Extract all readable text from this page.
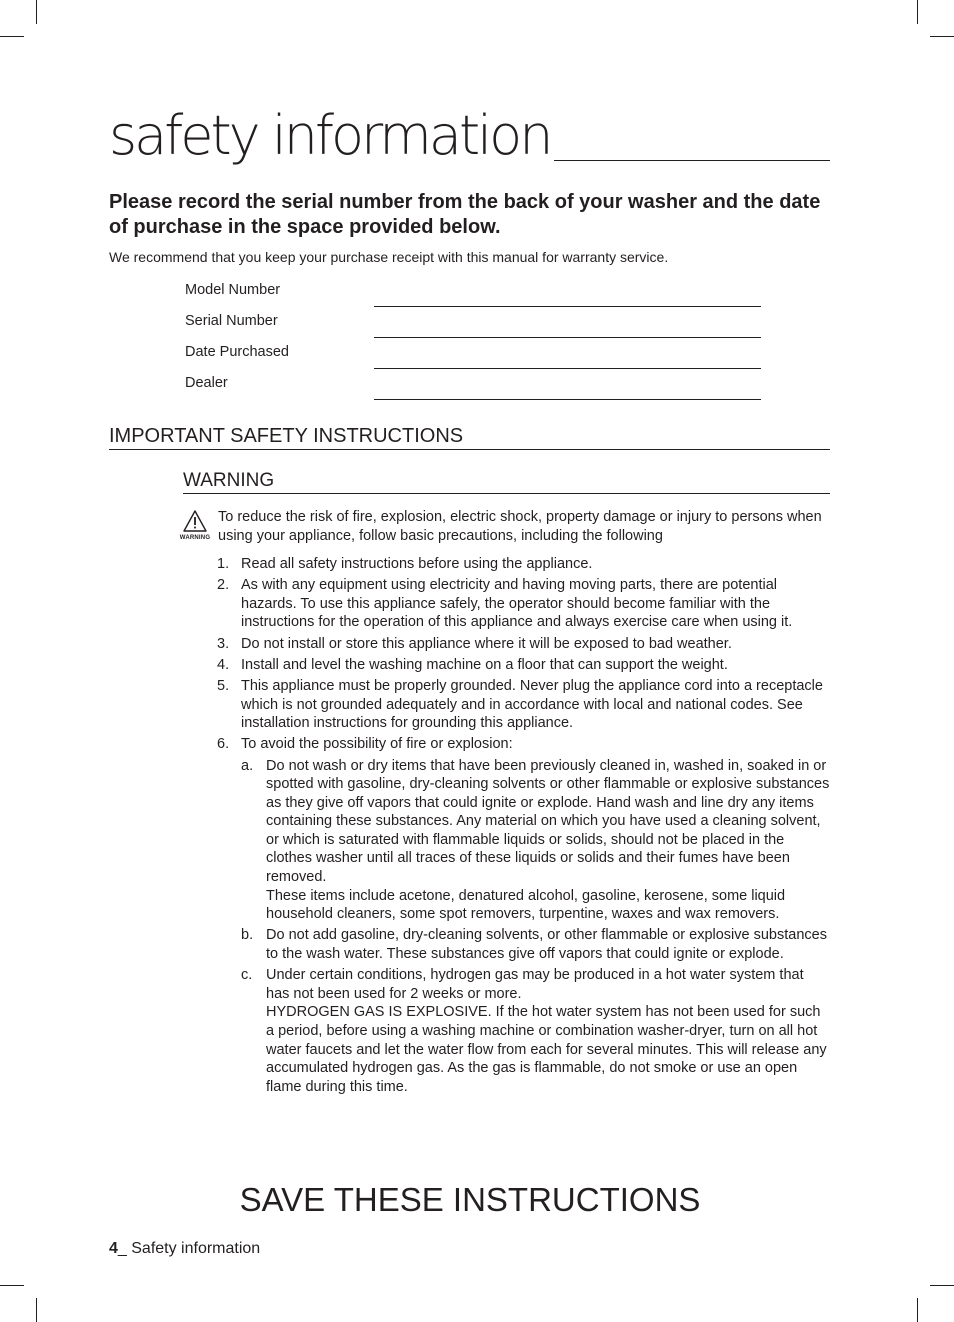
safety information
Please record the serial number from the back of your washer and the date of purchase in the space provided below.

We recommend that you keep your purchase receipt with this manual for warranty service.

Model Number
Serial Number
Date Purchased
Dealer
IMPORTANT SAFETY INSTRUCTIONS
WARNING
WARNING

To reduce the risk of fire, explosion, electric shock, property damage or injury to persons when using your appliance, follow basic precautions, including the following

1. Read all safety instructions before using the appliance.
2. As with any equipment using electricity and having moving parts, there are potential hazards. To use this appliance safely, the operator should become familiar with the instructions for the operation of this appliance and always exercise care when using it.
3. Do not install or store this appliance where it will be exposed to bad weather.
4. Install and level the washing machine on a floor that can support the weight.
5. This appliance must be properly grounded. Never plug the appliance cord into a receptacle which is not grounded adequately and in accordance with local and national codes. See installation instructions for grounding this appliance.
6. To avoid the possibility of fire or explosion:
a. Do not wash or dry items that have been previously cleaned in, washed in, soaked in or spotted with gasoline, dry-cleaning solvents or other flammable or explosive substances as they give off vapors that could ignite or explode. Hand wash and line dry any items containing these substances. Any material on which you have used a cleaning solvent, or which is saturated with flammable liquids or solids, should not be placed in the clothes washer until all traces of these liquids or solids and their fumes have been removed.
These items include acetone, denatured alcohol, gasoline, kerosene, some liquid household cleaners, some spot removers, turpentine, waxes and wax removers.
b. Do not add gasoline, dry-cleaning solvents, or other flammable or explosive substances to the wash water. These substances give off vapors that could ignite or explode.
c. Under certain conditions, hydrogen gas may be produced in a hot water system that has not been used for 2 weeks or more.
HYDROGEN GAS IS EXPLOSIVE. If the hot water system has not been used for such a period, before using a washing machine or combination washer-dryer, turn on all hot water faucets and let the water flow from each for several minutes. This will release any accumulated hydrogen gas. As the gas is flammable, do not smoke or use an open flame during this time.
SAVE THESE INSTRUCTIONS
4_ Safety information
